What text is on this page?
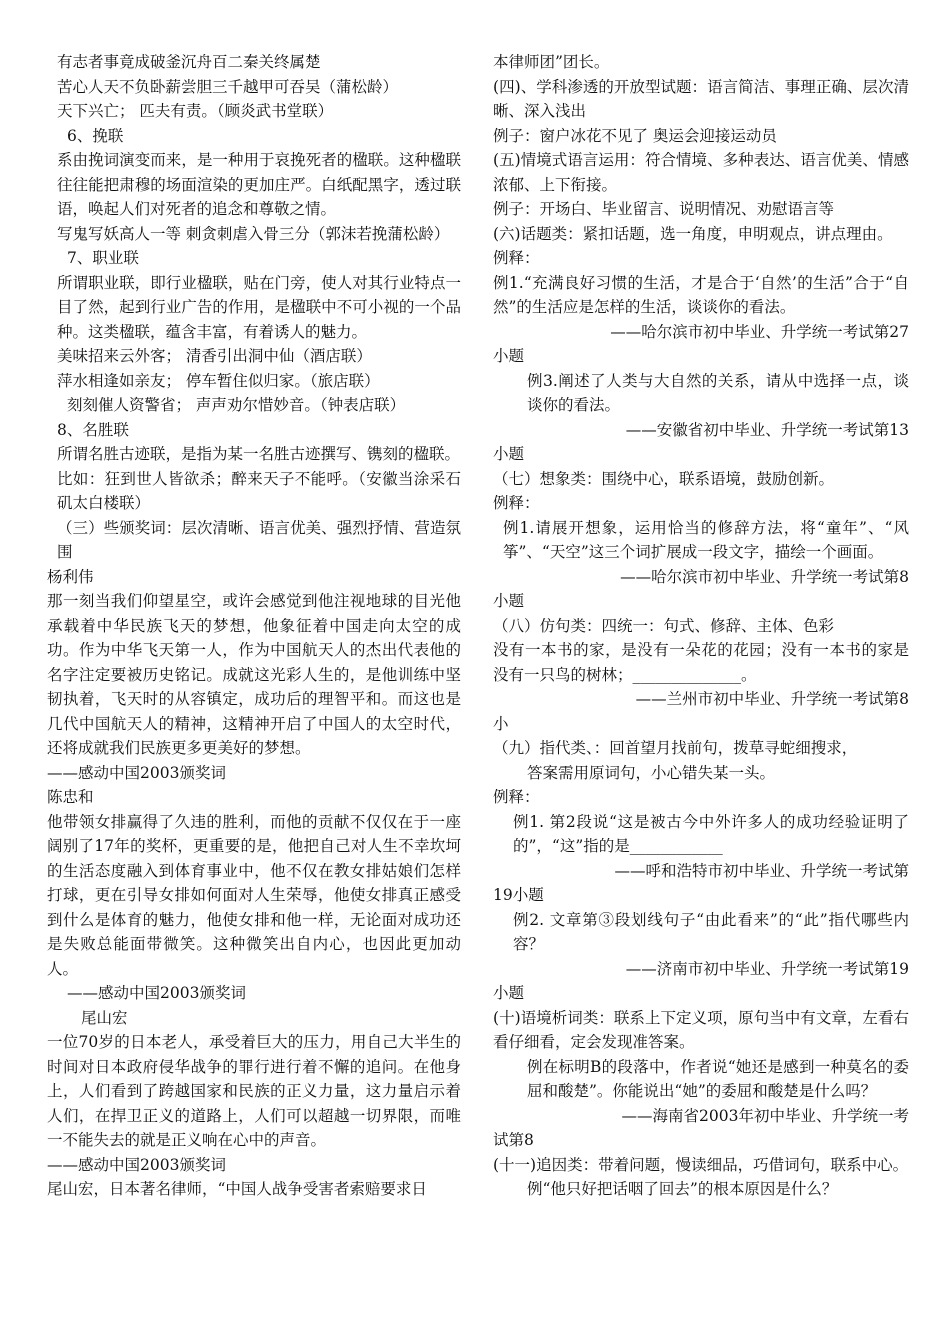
有志者事竟成破釜沉舟百二秦关终属楚

苦心人天不负卧薪尝胆三千越甲可吞吴（蒲松龄）

天下兴亡； 匹夫有责。（顾炎武书堂联）

6、挽联

系由挽词演变而来，是一种用于哀挽死者的楹联。这种楹联往往能把肃穆的场面渲染的更加庄严。白纸配黑字，透过联语，唤起人们对死者的追念和尊敬之情。

写鬼写妖高人一等 刺贪刺虐入骨三分（郭沫若挽蒲松龄）

7、职业联

所谓职业联，即行业楹联，贴在门旁，使人对其行业特点一目了然，起到行业广告的作用，是楹联中不可小视的一个品种。这类楹联，蕴含丰富，有着诱人的魅力。

美味招来云外客； 清香引出洞中仙（酒店联）

萍水相逢如亲友； 停车暂住似归家。（旅店联）

刻刻催人资警省； 声声劝尔惜妙音。（钟表店联）

8、名胜联

所谓名胜古迹联，是指为某一名胜古迹撰写、镌刻的楹联。

比如：狂到世人皆欲杀；醉来天子不能呼。（安徽当涂采石矶太白楼联）

（三）些颁奖词：层次清晰、语言优美、强烈抒情、营造氛围

杨利伟

那一刻当我们仰望星空，或许会感觉到他注视地球的目光他承载着中华民族飞天的梦想，他象征着中国走向太空的成功。作为中华飞天第一人，作为中国航天人的杰出代表他的名字注定要被历史铭记。成就这光彩人生的，是他训练中坚韧执着，飞天时的从容镇定，成功后的理智平和。而这也是几代中国航天人的精神，这精神开启了中国人的太空时代，还将成就我们民族更多更美好的梦想。

——感动中国2003颁奖词

陈忠和

他带领女排赢得了久违的胜利，而他的贡献不仅仅在于一座阔别了17年的奖杯，更重要的是，他把自己对人生不幸坎坷的生活态度融入到体育事业中，他不仅在教女排姑娘们怎样打球，更在引导女排如何面对人生荣辱，他使女排真正感受到什么是体育的魅力，他使女排和他一样，无论面对成功还是失败总能面带微笑。这种微笑出自内心，也因此更加动人。

——感动中国2003颁奖词

尾山宏

一位70岁的日本老人，承受着巨大的压力，用自己大半生的时间对日本政府侵华战争的罪行进行着不懈的追问。在他身上，人们看到了跨越国家和民族的正义力量，这力量启示着人们，在捍卫正义的道路上，人们可以超越一切界限，而唯一不能失去的就是正义响在心中的声音。

——感动中国2003颁奖词

尾山宏，日本著名律师，“中国人战争受害者索赔要求日

本律师团”团长。

(四)、学科渗透的开放型试题：语言简洁、事理正确、层次清晰、深入浅出

例子：窗户冰花不见了 奥运会迎接运动员

(五)情境式语言运用：符合情境、多种表达、语言优美、情感浓郁、上下衔接。

例子：开场白、毕业留言、说明情况、劝慰语言等

(六)话题类：紧扣话题，选一角度，申明观点，讲点理由。

例释：

例1.“充满良好习惯的生活，才是合于‘自然’的生活”合于“自然”的生活应是怎样的生活，谈谈你的看法。

——哈尔滨市初中毕业、升学统一考试第27

小题

例3.阐述了人类与大自然的关系，请从中选择一点，谈谈你的看法。

——安徽省初中毕业、升学统一考试第13

小题

（七）想象类：围绕中心，联系语境，鼓励创新。

例释：

例1.请展开想象，运用恰当的修辞方法，将“童年”、“风筝”、“天空”这三个词扩展成一段文字，描绘一个画面。

——哈尔滨市初中毕业、升学统一考试第8

小题

（八）仿句类：四统一：句式、修辞、主体、色彩

没有一本书的家，是没有一朵花的花园；没有一本书的家是没有一只鸟的树林；______________。

——兰州市初中毕业、升学统一考试第8

小

（九）指代类、：回首望月找前句，拨草寻蛇细搜求，

答案需用原词句，小心错失某一头。

例释：

例1. 第2段说“这是被古今中外许多人的成功经验证明了的”，“这”指的是____________

——呼和浩特市初中毕业、升学统一考试第

19小题

例2. 文章第③段划线句子“由此看来”的“此”指代哪些内容？

——济南市初中毕业、升学统一考试第19

小题

(十)语境析词类：联系上下定义项，原句当中有文章，左看右看仔细看，定会发现准答案。

例在标明B的段落中，作者说“她还是感到一种莫名的委屈和酸楚”。你能说出“她”的委屈和酸楚是什么吗？

——海南省2003年初中毕业、升学统一考

试第8

(十一)追因类：带着问题，慢读细品，巧借词句，联系中心。

例“他只好把话咽了回去”的根本原因是什么？
